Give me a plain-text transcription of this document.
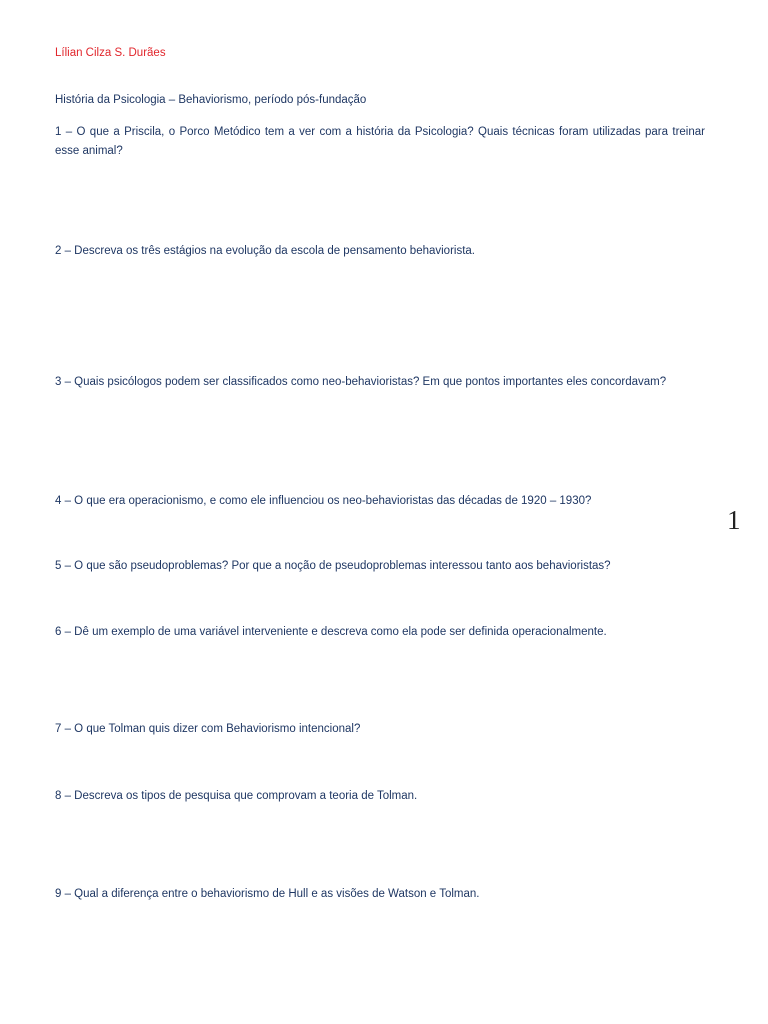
Lílian Cilza S. Durães

História da Psicologia – Behaviorismo, período pós-fundação

1 – O que a Priscila, o Porco Metódico tem a ver com a história da Psicologia? Quais técnicas foram utilizadas para treinar esse animal?

2 – Descreva os três estágios na evolução da escola de pensamento behaviorista.

3 – Quais psicólogos podem ser classificados como neo-behavioristas? Em que pontos importantes eles concordavam?

4 – O que era operacionismo, e como ele influenciou os neo-behavioristas das décadas de 1920 – 1930?

5 – O que são pseudoproblemas? Por que a noção de pseudoproblemas interessou tanto aos behavioristas?

6 – Dê um exemplo de uma variável interveniente e descreva como ela pode ser definida operacionalmente.

7 – O que Tolman quis dizer com Behaviorismo intencional?

8 – Descreva os tipos de pesquisa que comprovam a teoria de Tolman.

9 – Qual a diferença entre o behaviorismo de Hull e as visões de Watson e Tolman.

1
